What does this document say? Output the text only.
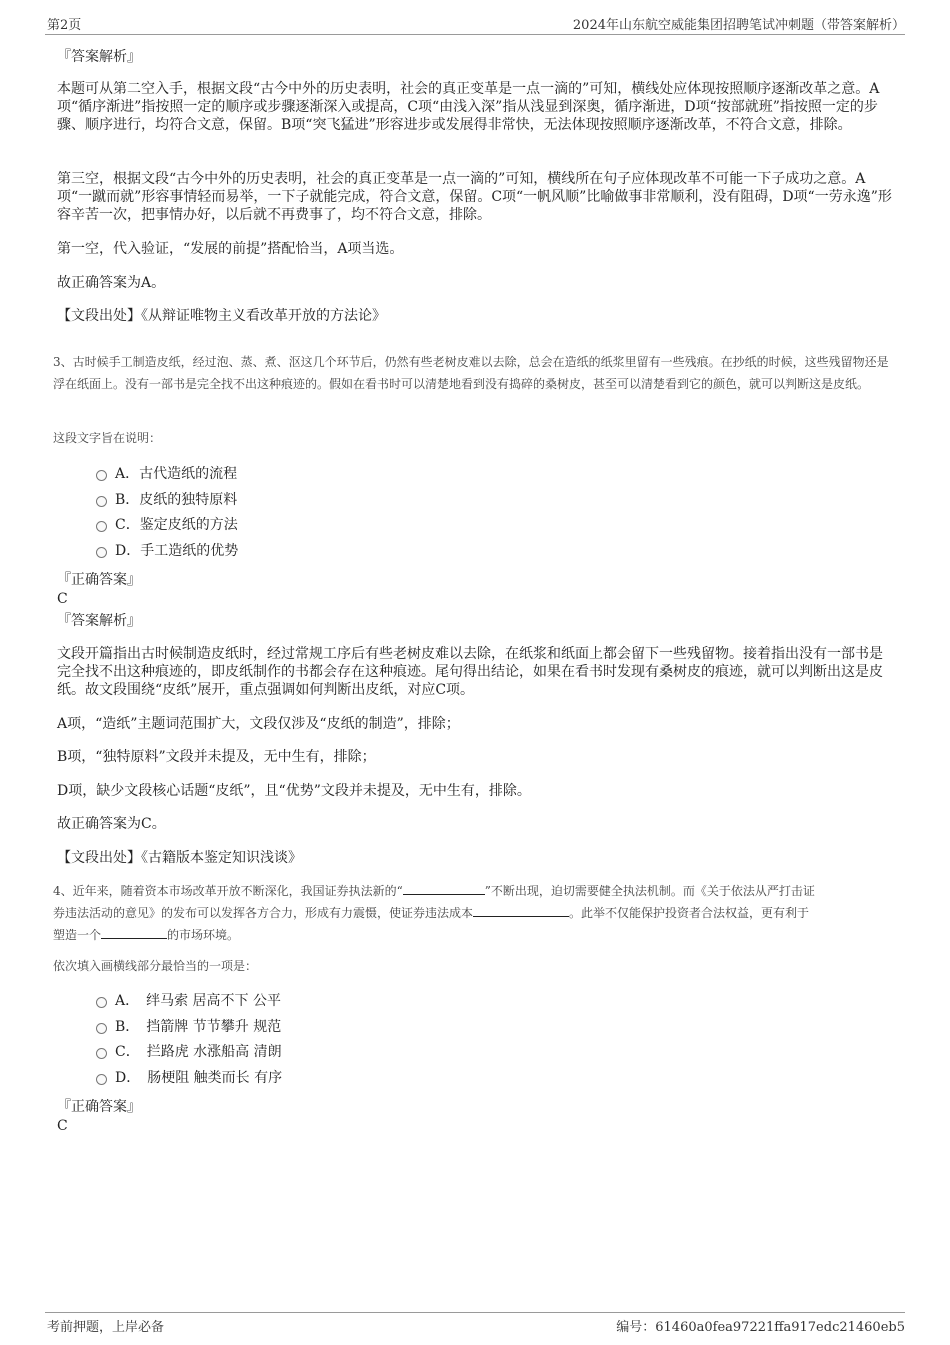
第2页	2024年山东航空威能集团招聘笔试冲刺题（带答案解析）
『答案解析』

本题可从第二空入手，根据文段“古今中外的历史表明，社会的真正变革是一点一滴的”可知，横线处应体现按照顺序逐渐改革之意。A项“循序渐进”指按照一定的顺序或步骤逐渐深入或提高，C项“由浅入深”指从浅显到深奥，循序渐进，D项“按部就班”指按照一定的步骤、顺序进行，均符合文意，保留。B项“突飞猛进”形容进步或发展得非常快，无法体现按照顺序逐渐改革，不符合文意，排除。

第三空，根据文段“古今中外的历史表明，社会的真正变革是一点一滴的”可知，横线所在句子应体现改革不可能一下子成功之意。A项“一蹴而就”形容事情轻而易举，一下子就能完成，符合文意，保留。C项“一帆风顺”比喻做事非常顺利，没有阻碍，D项“一劳永逸”形容辛苦一次，把事情办好，以后就不再费事了，均不符合文意，排除。

第一空，代入验证，“发展的前提”搭配恰当，A项当选。

故正确答案为A。

【文段出处】《从辩证唯物主义看改革开放的方法论》

3、古时候手工制造皮纸，经过泡、蒸、煮、沤这几个环节后，仍然有些老树皮难以去除，总会在造纸的纸浆里留有一些残痕。在抄纸的时候，这些残留物还是浮在纸面上。没有一部书是完全找不出这种痕迹的。假如在看书时可以清楚地看到没有捣碎的桑树皮，甚至可以清楚看到它的颜色，就可以判断这是皮纸。

这段文字旨在说明：

A．古代造纸的流程
B．皮纸的独特原料
C．鉴定皮纸的方法
D．手工造纸的优势
『正确答案』
C
『答案解析』

文段开篇指出古时候制造皮纸时，经过常规工序后有些老树皮难以去除，在纸浆和纸面上都会留下一些残留物。接着指出没有一部书是完全找不出这种痕迹的，即皮纸制作的书都会存在这种痕迹。尾句得出结论，如果在看书时发现有桑树皮的痕迹，就可以判断出这是皮纸。故文段围绕“皮纸”展开，重点强调如何判断出皮纸，对应C项。

A项，“造纸”主题词范围扩大，文段仅涉及“皮纸的制造”，排除；

B项，“独特原料”文段并未提及，无中生有，排除；

D项，缺少文段核心话题“皮纸”，且“优势”文段并未提及，无中生有，排除。

故正确答案为C。

【文段出处】《古籍版本鉴定知识浅谈》

4、近年来，随着资本市场改革开放不断深化，我国证券执法新的“	”不断出现，迫切需要健全执法机制。而《关于依法从严打击证
券违法活动的意见》的发布可以发挥各方合力，形成有力震慑，使证券违法成本	。此举不仅能保护投资者合法权益，更有利于
塑造一个	的市场环境。

依次填入画横线部分最恰当的一项是：

A．　绊马索 居高不下 公平
B．　挡箭牌 节节攀升 规范
C．　拦路虎 水涨船高 清朗
D．　肠梗阻 触类而长 有序
『正确答案』
C
考前押题，上岸必备	编号：61460a0fea97221ffa917edc21460eb5
